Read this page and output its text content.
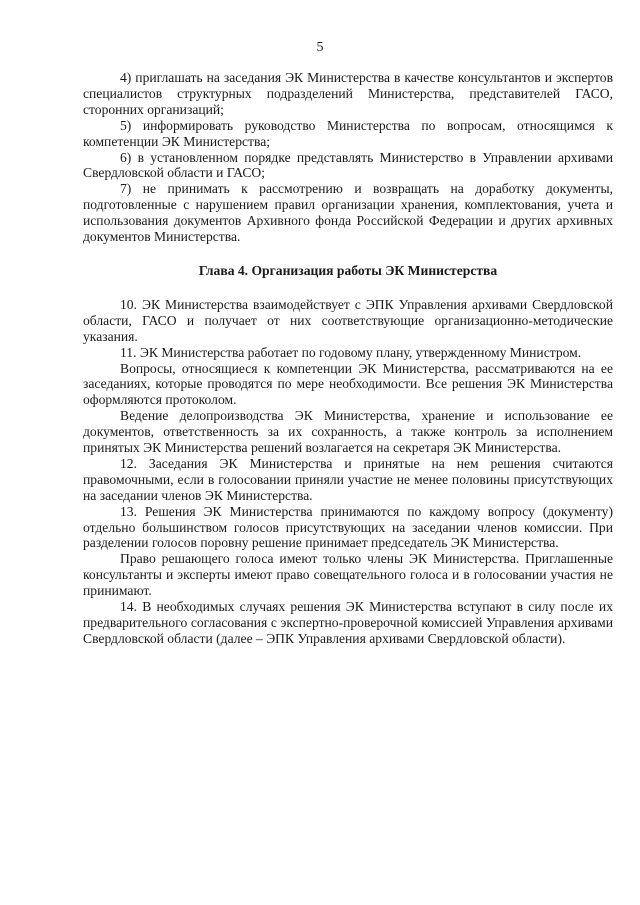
5

4) приглашать на заседания ЭК Министерства в качестве консультантов и экспертов специалистов структурных подразделений Министерства, представителей ГАСО, сторонних организаций;

5) информировать руководство Министерства по вопросам, относящимся к компетенции ЭК Министерства;

6) в установленном порядке представлять Министерство в Управлении архивами Свердловской области и ГАСО;

7) не принимать к рассмотрению и возвращать на доработку документы, подготовленные с нарушением правил организации хранения, комплектования, учета и использования документов Архивного фонда Российской Федерации и других архивных документов Министерства.

Глава 4. Организация работы ЭК Министерства

10. ЭК Министерства взаимодействует с ЭПК Управления архивами Свердловской области, ГАСО и получает от них соответствующие организационно-методические указания.

11. ЭК Министерства работает по годовому плану, утвержденному Министром.

Вопросы, относящиеся к компетенции ЭК Министерства, рассматриваются на ее заседаниях, которые проводятся по мере необходимости. Все решения ЭК Министерства оформляются протоколом.

Ведение делопроизводства ЭК Министерства, хранение и использование ее документов, ответственность за их сохранность, а также контроль за исполнением принятых ЭК Министерства решений возлагается на секретаря ЭК Министерства.

12. Заседания ЭК Министерства и принятые на нем решения считаются правомочными, если в голосовании приняли участие не менее половины присутствующих на заседании членов ЭК Министерства.

13. Решения ЭК Министерства принимаются по каждому вопросу (документу) отдельно большинством голосов присутствующих на заседании членов комиссии. При разделении голосов поровну решение принимает председатель ЭК Министерства.

Право решающего голоса имеют только члены ЭК Министерства. Приглашенные консультанты и эксперты имеют право совещательного голоса и в голосовании участия не принимают.

14. В необходимых случаях решения ЭК Министерства вступают в силу после их предварительного согласования с экспертно-проверочной комиссией Управления архивами Свердловской области (далее – ЭПК Управления архивами Свердловской области).
